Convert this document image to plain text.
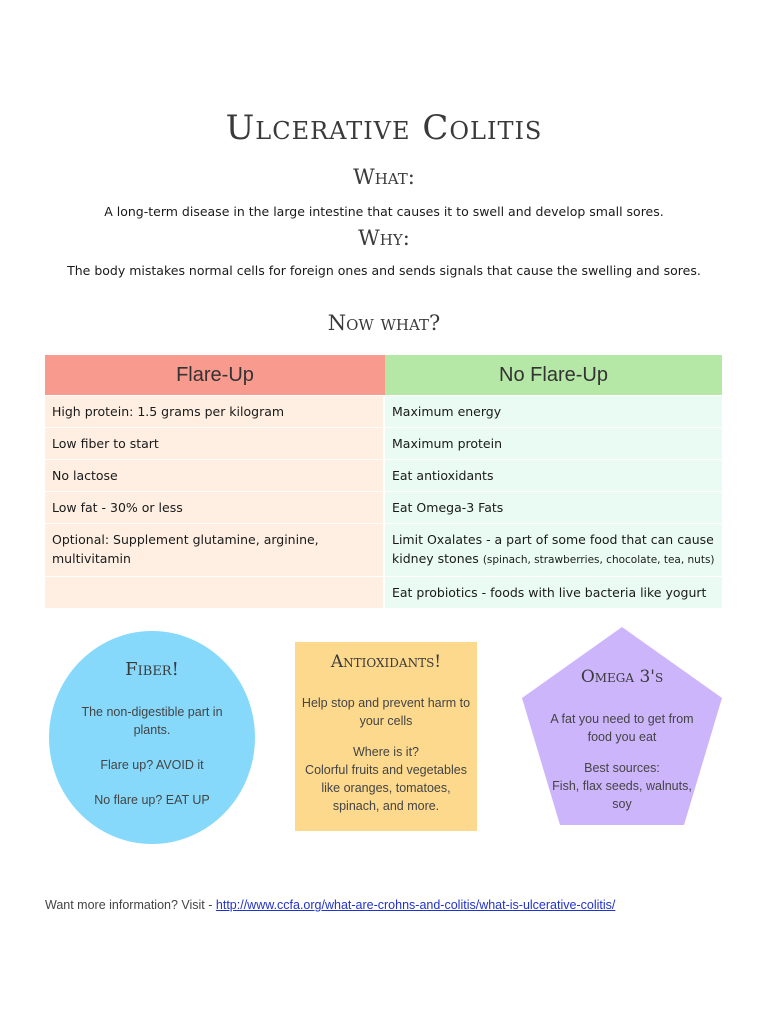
Ulcerative Colitis
What:
A long-term disease in the large intestine that causes it to swell and develop small sores.
Why:
The body mistakes normal cells for foreign ones and sends signals that cause the swelling and sores.
Now what?
Flare-Up	No Flare-Up
High protein: 1.5 grams per kilogram	Maximum energy
Low fiber to start	Maximum protein
No lactose	Eat antioxidants
Low fat - 30% or less	Eat Omega-3 Fats
Optional: Supplement glutamine, arginine, multivitamin	Limit Oxalates - a part of some food that can cause kidney stones (spinach, strawberries, chocolate, tea, nuts)
	Eat probiotics - foods with live bacteria like yogurt
Fiber!

The non-digestible part in plants.

Flare up? AVOID it

No flare up? EAT UP

Antioxidants!

Help stop and prevent harm to your cells

Where is it?
Colorful fruits and vegetables like oranges, tomatoes, spinach, and more.
Omega 3's

A fat you need to get from food you eat

Best sources:
Fish, flax seeds, walnuts, soy
Want more information? Visit - http://www.ccfa.org/what-are-crohns-and-colitis/what-is-ulcerative-colitis/
